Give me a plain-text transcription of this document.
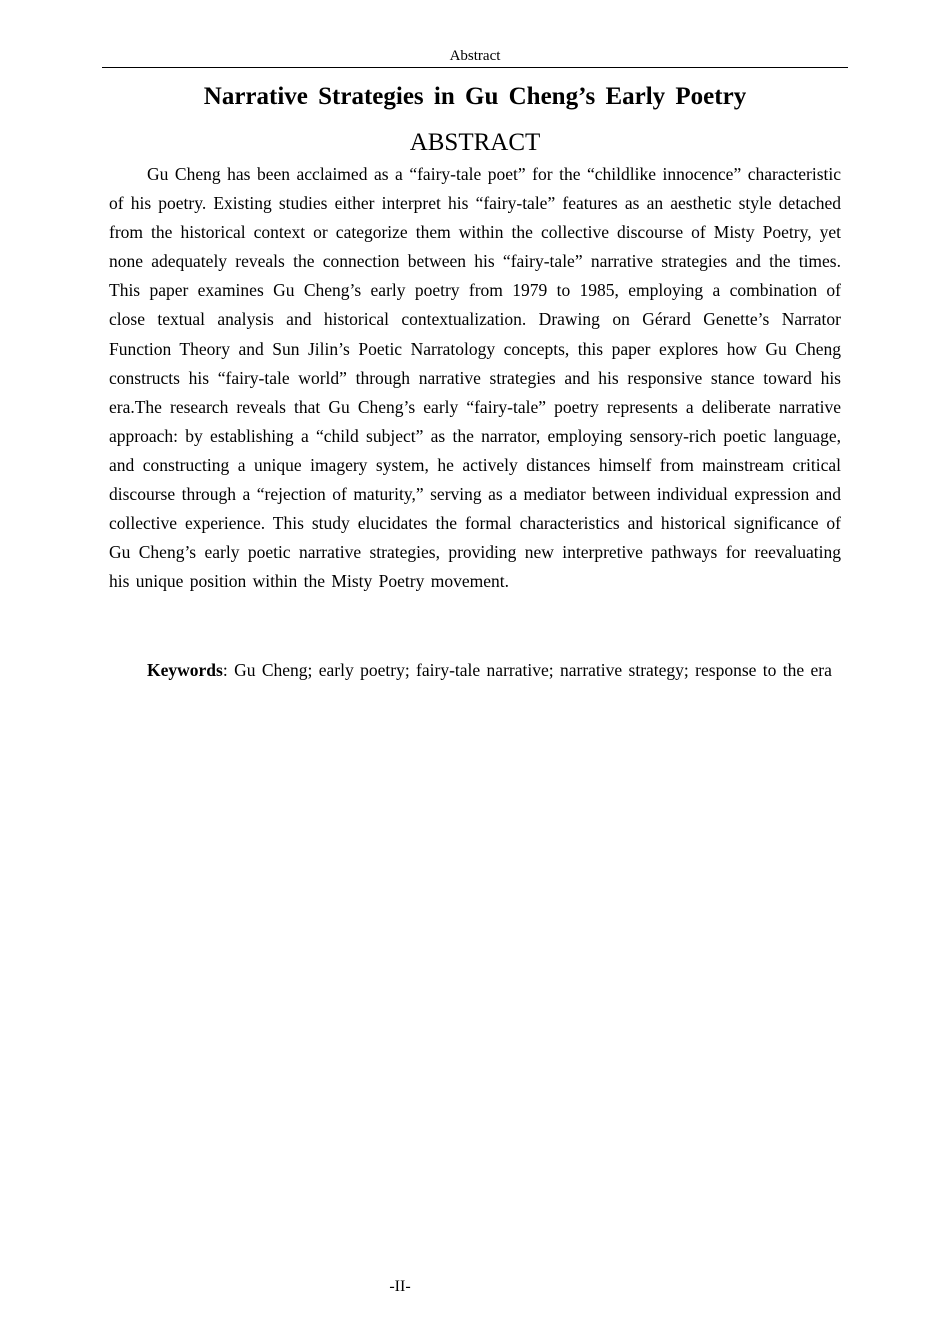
Abstract
Narrative Strategies in Gu Cheng’s Early Poetry
ABSTRACT

Gu Cheng has been acclaimed as a “fairy-tale poet” for the “childlike innocence” characteristic of his poetry. Existing studies either interpret his “fairy-tale” features as an aesthetic style detached from the historical context or categorize them within the collective discourse of Misty Poetry, yet none adequately reveals the connection between his “fairy-tale” narrative strategies and the times. This paper examines Gu Cheng’s early poetry from 1979 to 1985, employing a combination of close textual analysis and historical contextualization. Drawing on Gérard Genette’s Narrator Function Theory and Sun Jilin’s Poetic Narratology concepts, this paper explores how Gu Cheng constructs his “fairy-tale world” through narrative strategies and his responsive stance toward his era.The research reveals that Gu Cheng’s early “fairy-tale” poetry represents a deliberate narrative approach: by establishing a “child subject” as the narrator, employing sensory-rich poetic language, and constructing a unique imagery system, he actively distances himself from mainstream critical discourse through a “rejection of maturity,” serving as a mediator between individual expression and collective experience. This study elucidates the formal characteristics and historical significance of Gu Cheng’s early poetic narrative strategies, providing new interpretive pathways for reevaluating his unique position within the Misty Poetry movement.

Keywords: Gu Cheng; early poetry; fairy-tale narrative; narrative strategy; response to the era

-II-
